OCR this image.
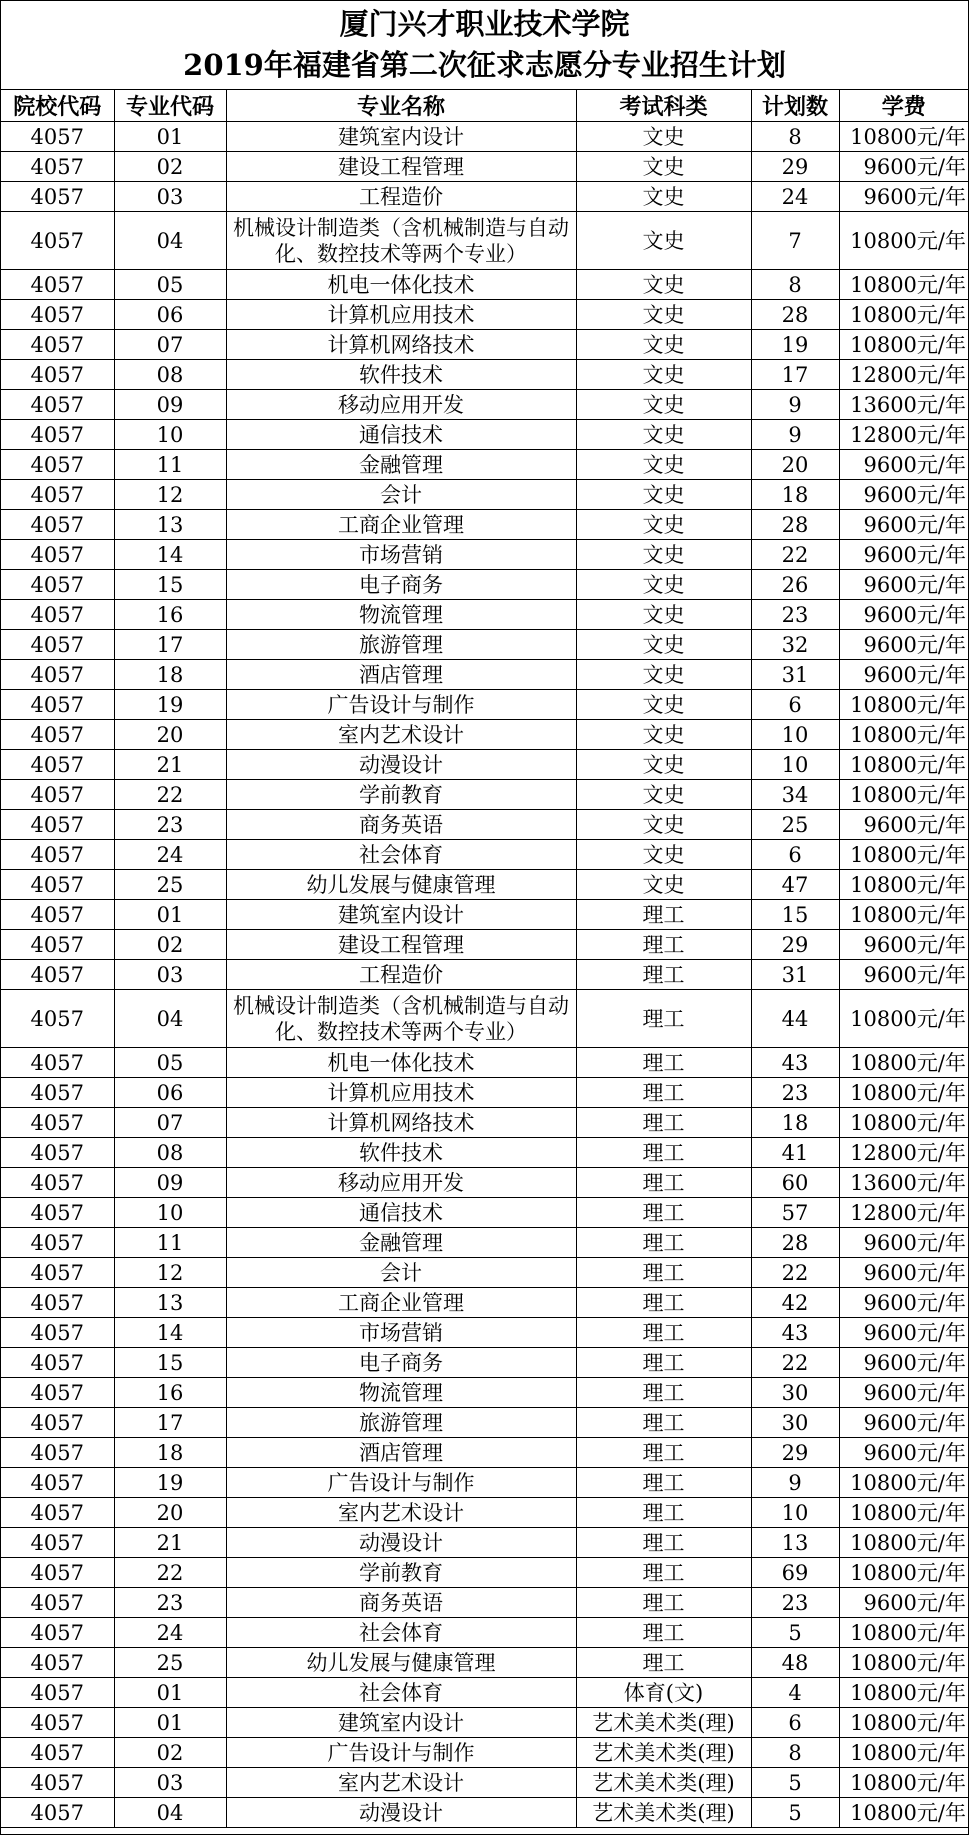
厦门兴才职业技术学院
2019年福建省第二次征求志愿分专业招生计划
院校代码	专业代码	专业名称	考试科类	计划数	学费
4057	01	建筑室内设计	文史	8	10800元/年
4057	02	建设工程管理	文史	29	9600元/年
4057	03	工程造价	文史	24	9600元/年
4057	04	机械设计制造类（含机械制造与自动化、数控技术等两个专业）	文史	7	10800元/年
4057	05	机电一体化技术	文史	8	10800元/年
4057	06	计算机应用技术	文史	28	10800元/年
4057	07	计算机网络技术	文史	19	10800元/年
4057	08	软件技术	文史	17	12800元/年
4057	09	移动应用开发	文史	9	13600元/年
4057	10	通信技术	文史	9	12800元/年
4057	11	金融管理	文史	20	9600元/年
4057	12	会计	文史	18	9600元/年
4057	13	工商企业管理	文史	28	9600元/年
4057	14	市场营销	文史	22	9600元/年
4057	15	电子商务	文史	26	9600元/年
4057	16	物流管理	文史	23	9600元/年
4057	17	旅游管理	文史	32	9600元/年
4057	18	酒店管理	文史	31	9600元/年
4057	19	广告设计与制作	文史	6	10800元/年
4057	20	室内艺术设计	文史	10	10800元/年
4057	21	动漫设计	文史	10	10800元/年
4057	22	学前教育	文史	34	10800元/年
4057	23	商务英语	文史	25	9600元/年
4057	24	社会体育	文史	6	10800元/年
4057	25	幼儿发展与健康管理	文史	47	10800元/年
4057	01	建筑室内设计	理工	15	10800元/年
4057	02	建设工程管理	理工	29	9600元/年
4057	03	工程造价	理工	31	9600元/年
4057	04	机械设计制造类（含机械制造与自动化、数控技术等两个专业）	理工	44	10800元/年
4057	05	机电一体化技术	理工	43	10800元/年
4057	06	计算机应用技术	理工	23	10800元/年
4057	07	计算机网络技术	理工	18	10800元/年
4057	08	软件技术	理工	41	12800元/年
4057	09	移动应用开发	理工	60	13600元/年
4057	10	通信技术	理工	57	12800元/年
4057	11	金融管理	理工	28	9600元/年
4057	12	会计	理工	22	9600元/年
4057	13	工商企业管理	理工	42	9600元/年
4057	14	市场营销	理工	43	9600元/年
4057	15	电子商务	理工	22	9600元/年
4057	16	物流管理	理工	30	9600元/年
4057	17	旅游管理	理工	30	9600元/年
4057	18	酒店管理	理工	29	9600元/年
4057	19	广告设计与制作	理工	9	10800元/年
4057	20	室内艺术设计	理工	10	10800元/年
4057	21	动漫设计	理工	13	10800元/年
4057	22	学前教育	理工	69	10800元/年
4057	23	商务英语	理工	23	9600元/年
4057	24	社会体育	理工	5	10800元/年
4057	25	幼儿发展与健康管理	理工	48	10800元/年
4057	01	社会体育	体育(文)	4	10800元/年
4057	01	建筑室内设计	艺术美术类(理)	6	10800元/年
4057	02	广告设计与制作	艺术美术类(理)	8	10800元/年
4057	03	室内艺术设计	艺术美术类(理)	5	10800元/年
4057	04	动漫设计	艺术美术类(理)	5	10800元/年
